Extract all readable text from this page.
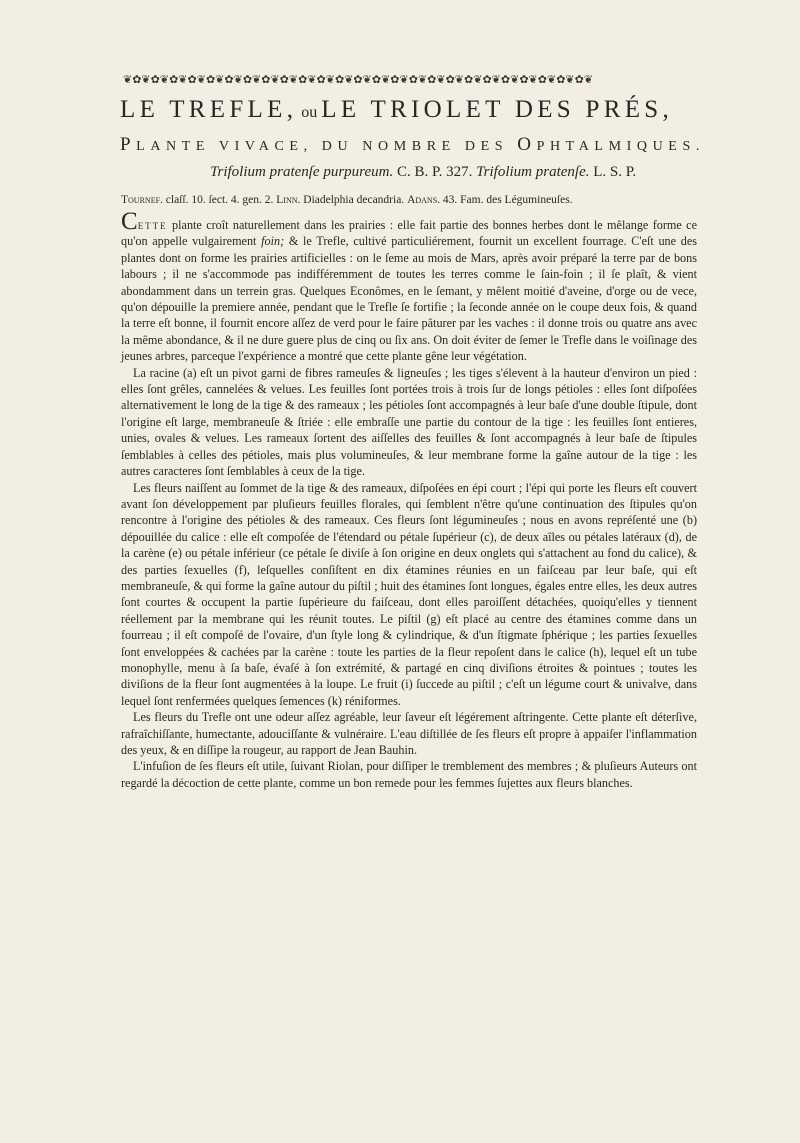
❦✿❦✿❦✿❦✿❦✿❦✿❦✿❦✿❦✿❦✿❦✿❦✿❦✿❦✿❦✿❦✿❦✿❦✿❦✿❦✿❦✿❦✿❦✿❦✿❦✿❦
LE TREFLE, ou LE TRIOLET DES PRÉS,
PLANTE VIVACE, DU NOMBRE DES OPHTALMIQUES.

Trifolium pratenſe purpureum. C. B. P. 327. Trifolium pratenſe. L. S. P.

Tournef. claſſ. 10. ſect. 4. gen. 2. Linn. Diadelphia decandria. Adans. 43. Fam. des Légumineuſes.

Cette plante croît naturellement dans les prairies : elle fait partie des bonnes herbes dont le mêlange forme ce qu'on appelle vulgairement foin; & le Trefle, cultivé particuliérement, fournit un excellent fourrage. C'eſt une des plantes dont on forme les prairies artificielles : on le ſeme au mois de Mars, après avoir préparé la terre par de bons labours ; il ne s'accommode pas indifféremment de toutes les terres comme le ſain-foin ; il ſe plaît, & vient abondamment dans un terrein gras. Quelques Econômes, en le ſemant, y mêlent moitié d'aveine, d'orge ou de vece, qu'on dépouille la premiere année, pendant que le Trefle ſe fortifie ; la ſeconde année on le coupe deux fois, & quand la terre eſt bonne, il fournit encore aſſez de verd pour le faire pâturer par les vaches : il donne trois ou quatre ans avec la même abondance, & il ne dure guere plus de cinq ou ſix ans. On doit éviter de ſemer le Trefle dans le voiſinage des jeunes arbres, parceque l'expérience a montré que cette plante gêne leur végétation.

La racine (a) eſt un pivot garni de fibres rameuſes & ligneuſes ; les tiges s'élevent à la hauteur d'environ un pied : elles ſont grêles, cannelées & velues. Les feuilles ſont portées trois à trois ſur de longs pétioles : elles ſont diſpoſées alternativement le long de la tige & des rameaux ; les pétioles ſont accompagnés à leur baſe d'une double ſtipule, dont l'origine eſt large, membraneuſe & ſtriée : elle embraſſe une partie du contour de la tige : les feuilles ſont entieres, unies, ovales & velues. Les rameaux ſortent des aiſſelles des feuilles & ſont accompagnés à leur baſe de ſtipules ſemblables à celles des pétioles, mais plus volumineuſes, & leur membrane forme la gaîne autour de la tige : les autres caracteres ſont ſemblables à ceux de la tige.

Les fleurs naiſſent au ſommet de la tige & des rameaux, diſpoſées en épi court ; l'épi qui porte les fleurs eſt couvert avant ſon développement par pluſieurs feuilles florales, qui ſemblent n'être qu'une continuation des ſtipules qu'on rencontre à l'origine des pétioles & des rameaux. Ces fleurs ſont légumineuſes ; nous en avons repréſenté une (b) dépouillée du calice : elle eſt compoſée de l'étendard ou pétale ſupérieur (c), de deux aîles ou pétales latéraux (d), de la carène (e) ou pétale inférieur (ce pétale ſe diviſe à ſon origine en deux onglets qui s'attachent au fond du calice), & des parties ſexuelles (f), leſquelles conſiſtent en dix étamines réunies en un faiſceau par leur baſe, qui eſt membraneuſe, & qui forme la gaîne autour du piſtil ; huit des étamines ſont longues, égales entre elles, les deux autres ſont courtes & occupent la partie ſupérieure du faiſceau, dont elles paroiſſent détachées, quoiqu'elles y tiennent réellement par la membrane qui les réunit toutes. Le piſtil (g) eſt placé au centre des étamines comme dans un fourreau ; il eſt compoſé de l'ovaire, d'un ſtyle long & cylindrique, & d'un ſtigmate ſphérique ; les parties ſexuelles ſont enveloppées & cachées par la carène : toute les parties de la fleur repoſent dans le calice (h), lequel eſt un tube monophylle, menu à ſa baſe, évaſé à ſon extrémité, & partagé en cinq diviſions étroites & pointues ; toutes les diviſions de la fleur ſont augmentées à la loupe. Le fruit (i) ſuccede au piſtil ; c'eſt un légume court & univalve, dans lequel ſont renfermées quelques ſemences (k) réniformes.

Les fleurs du Trefle ont une odeur aſſez agréable, leur ſaveur eſt légérement aſtringente. Cette plante eſt déterſive, rafraîchiſſante, humectante, adouciſſante & vulnéraire. L'eau diſtillée de ſes fleurs eſt propre à appaiſer l'inflammation des yeux, & en diſſipe la rougeur, au rapport de Jean Bauhin.

L'infuſion de ſes fleurs eſt utile, ſuivant Riolan, pour diſſiper le tremblement des membres ; & pluſieurs Auteurs ont regardé la décoction de cette plante, comme un bon remede pour les femmes ſujettes aux fleurs blanches.
